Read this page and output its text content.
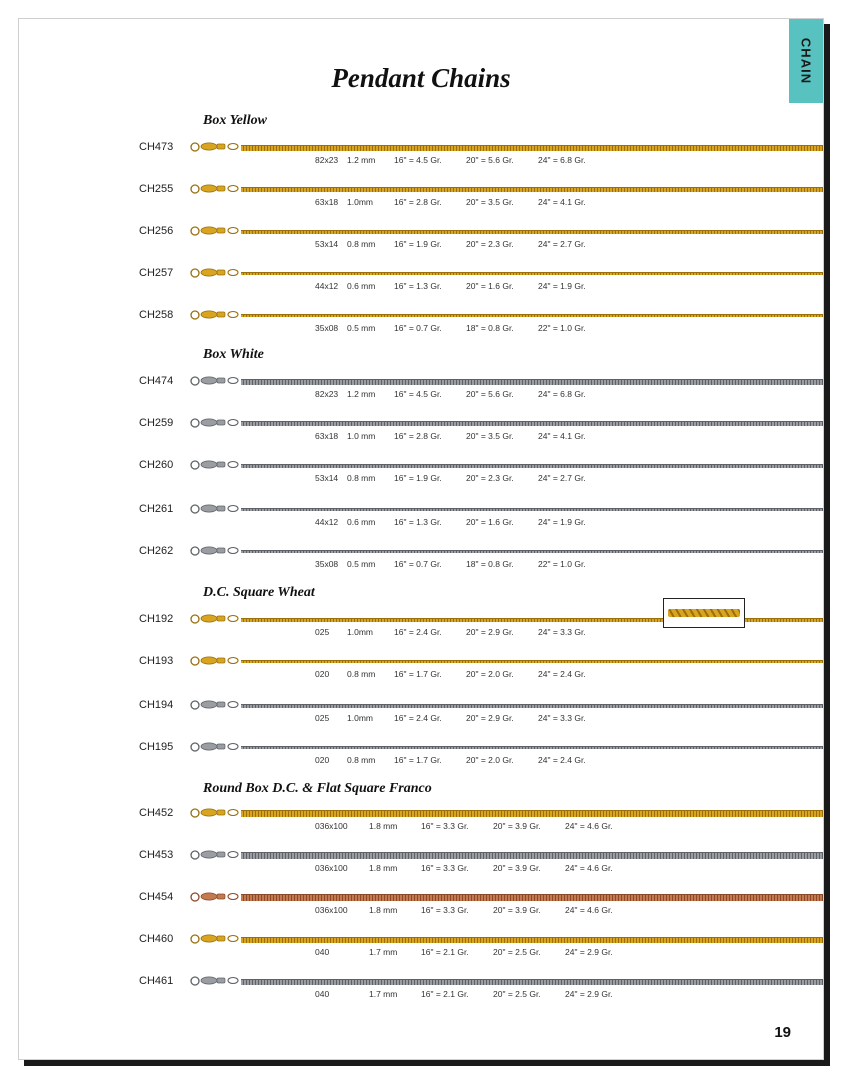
CHAIN
Pendant Chains
Box Yellow
CH473
82x23 1.2 mm 16" = 4.5 Gr.	20" = 5.6 Gr.	24" = 6.8 Gr.
CH255
63x18 1.0mm 16" = 2.8 Gr.	20" = 3.5 Gr.	24" = 4.1 Gr.
CH256
53x14 0.8 mm 16" = 1.9 Gr.	20" = 2.3 Gr.	24" = 2.7 Gr.
CH257
44x12 0.6 mm 16" = 1.3 Gr.	20" = 1.6 Gr.	24" = 1.9 Gr.
CH258
35x08 0.5 mm 16" = 0.7 Gr.	18" = 0.8 Gr.	22" = 1.0 Gr.
Box White
CH474
82x23 1.2 mm 16" = 4.5 Gr.	20" = 5.6 Gr.	24" = 6.8 Gr.
CH259
63x18 1.0 mm 16" = 2.8 Gr.	20" = 3.5 Gr.	24" = 4.1 Gr.
CH260
53x14 0.8 mm 16" = 1.9 Gr.	20" = 2.3 Gr.	24" = 2.7 Gr.
CH261
44x12 0.6 mm 16" = 1.3 Gr.	20" = 1.6 Gr.	24" = 1.9 Gr.
CH262
35x08 0.5 mm 16" = 0.7 Gr.	18" = 0.8 Gr.	22" = 1.0 Gr.
D.C. Square Wheat
CH192
025 1.0mm 16" = 2.4 Gr.	20" = 2.9 Gr.	24" = 3.3 Gr.
CH193
020 0.8 mm 16" = 1.7 Gr.	20" = 2.0 Gr.	24" = 2.4 Gr.
CH194
025 1.0mm 16" = 2.4 Gr.	20" = 2.9 Gr.	24" = 3.3 Gr.
CH195
020 0.8 mm 16" = 1.7 Gr.	20" = 2.0 Gr.	24" = 2.4 Gr.
Round Box D.C. & Flat Square Franco
CH452
036x100	1.8 mm	16" = 3.3 Gr.	20" = 3.9 Gr.	24" = 4.6 Gr.
CH453
036x100	1.8 mm	16" = 3.3 Gr.	20" = 3.9 Gr.	24" = 4.6 Gr.
CH454
036x100	1.8 mm	16" = 3.3 Gr.	20" = 3.9 Gr.	24" = 4.6 Gr.
CH460
040	1.7 mm	16" = 2.1 Gr.	20" = 2.5 Gr.	24" = 2.9 Gr.
CH461
040	1.7 mm	16" = 2.1 Gr.	20" = 2.5 Gr.	24" = 2.9 Gr.
19
